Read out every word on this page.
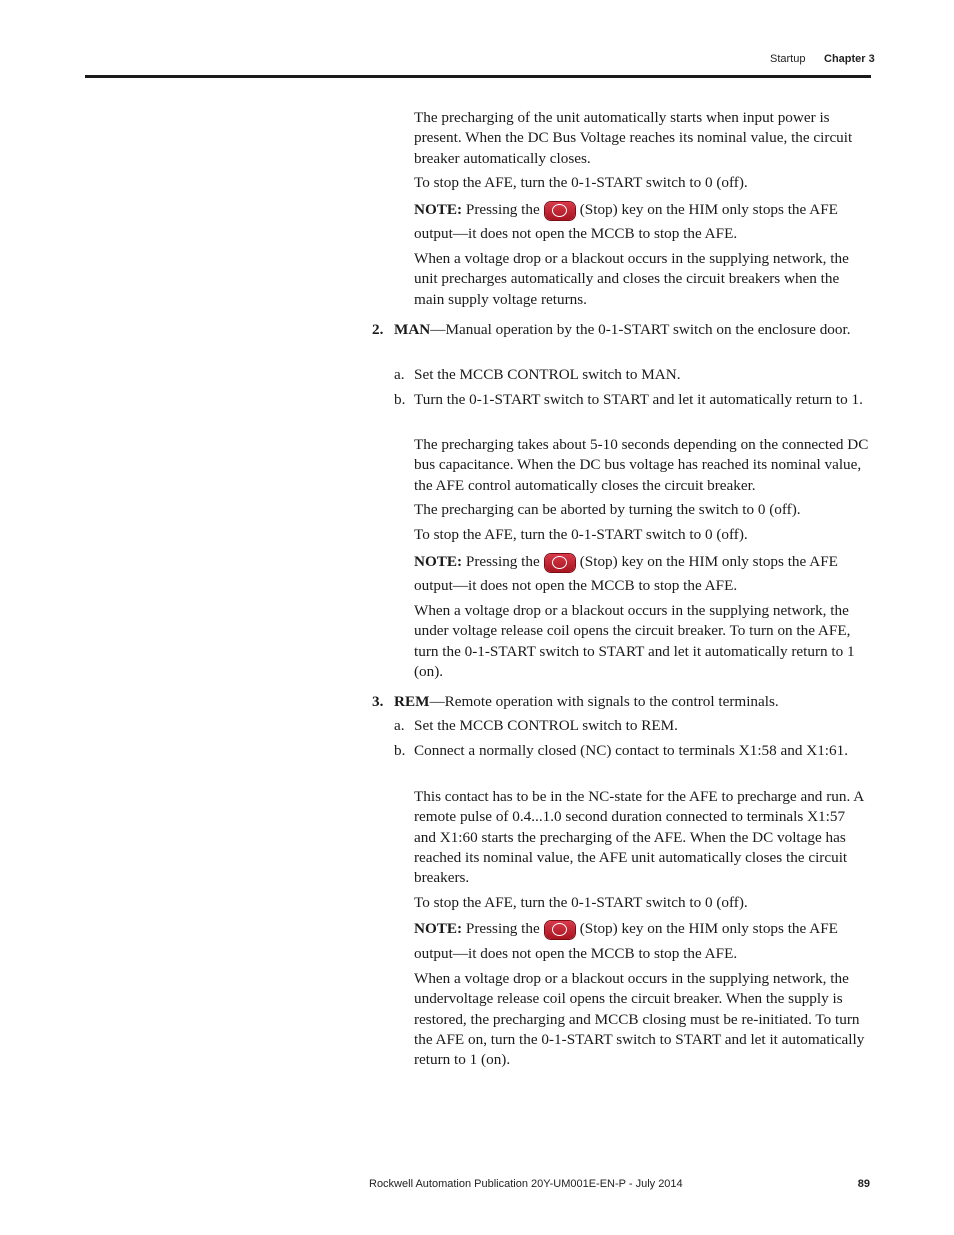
Startup Chapter 3

The precharging of the unit automatically starts when input power is present. When the DC Bus Voltage reaches its nominal value, the circuit breaker automatically closes.

To stop the AFE, turn the 0-1-START switch to 0 (off).

NOTE: Pressing the	(Stop) key on the HIM only stops the AFE

output—it does not open the MCCB to stop the AFE.

When a voltage drop or a blackout occurs in the supplying network, the unit precharges automatically and closes the circuit breakers when the main supply voltage returns.

2. MAN—Manual operation by the 0-1-START switch on the enclosure door.

a. Set the MCCB CONTROL switch to MAN.

b. Turn the 0-1-START switch to START and let it automatically return to 1.

The precharging takes about 5-10 seconds depending on the connected DC bus capacitance. When the DC bus voltage has reached its nominal value, the AFE control automatically closes the circuit breaker.

The precharging can be aborted by turning the switch to 0 (off).

To stop the AFE, turn the 0-1-START switch to 0 (off).

NOTE: Pressing the	(Stop) key on the HIM only stops the AFE

output—it does not open the MCCB to stop the AFE.

When a voltage drop or a blackout occurs in the supplying network, the under voltage release coil opens the circuit breaker. To turn on the AFE, turn the 0-1-START switch to START and let it automatically return to 1 (on).

3. REM—Remote operation with signals to the control terminals.

a. Set the MCCB CONTROL switch to REM.

b. Connect a normally closed (NC) contact to terminals X1:58 and X1:61.

This contact has to be in the NC-state for the AFE to precharge and run. A remote pulse of 0.4...1.0 second duration connected to terminals X1:57 and X1:60 starts the precharging of the AFE. When the DC voltage has reached its nominal value, the AFE unit automatically closes the circuit breakers.

To stop the AFE, turn the 0-1-START switch to 0 (off).

NOTE: Pressing the	(Stop) key on the HIM only stops the AFE

output—it does not open the MCCB to stop the AFE.

When a voltage drop or a blackout occurs in the supplying network, the undervoltage release coil opens the circuit breaker. When the supply is restored, the precharging and MCCB closing must be re-initiated. To turn the AFE on, turn the 0-1-START switch to START and let it automatically return to 1 (on).

Rockwell Automation Publication 20Y-UM001E-EN-P - July 2014	89
